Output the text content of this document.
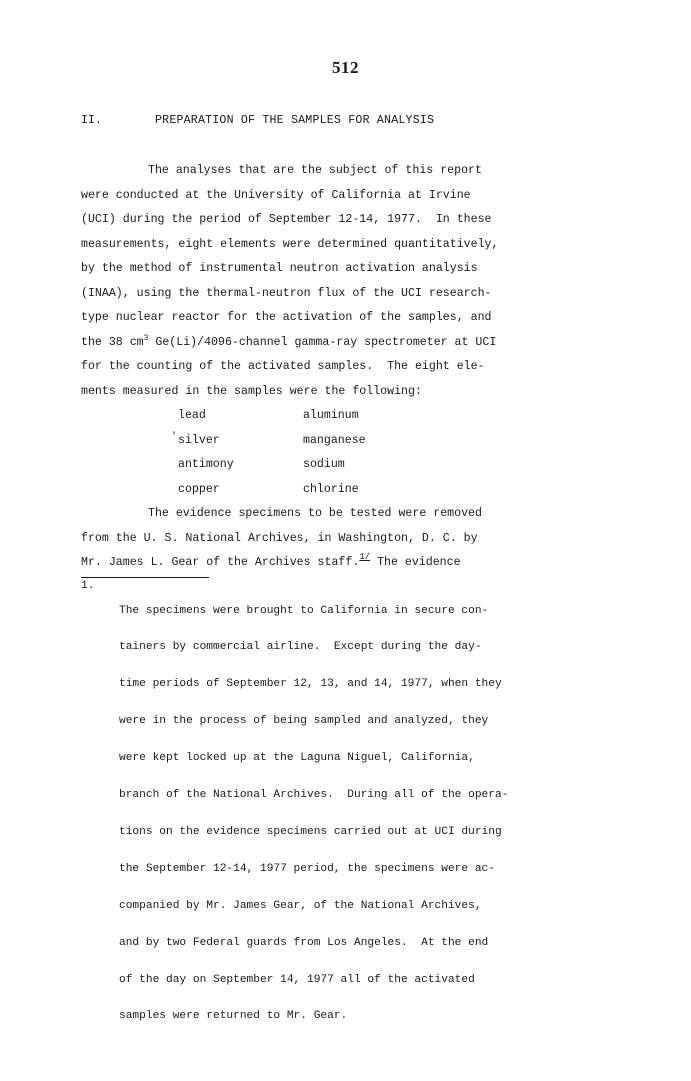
512
II.	PREPARATION OF THE SAMPLES FOR ANALYSIS
The analyses that are the subject of this report
were conducted at the University of California at Irvine
(UCI) during the period of September 12-14, 1977.  In these
measurements, eight elements were determined quantitatively,
by the method of instrumental neutron activation analysis
(INAA), using the thermal-neutron flux of the UCI research-
type nuclear reactor for the activation of the samples, and
the 38 $cm^3$ Ge(Li)/4096-channel gamma-ray spectrometer at UCI
for the counting of the activated samples.  The eight ele-
ments measured in the samples were the following:
'
lead	aluminum
silver	manganese
antimony	sodium
copper	chlorine
The evidence specimens to be tested were removed
from the U. S. National Archives, in Washington, D. C. by
Mr. James L. Gear of the Archives staff.$^{1/}$ The evidence
1.

The specimens were brought to California in secure con-

tainers by commercial airline.  Except during the day-

time periods of September 12, 13, and 14, 1977, when they

were in the process of being sampled and analyzed, they

were kept locked up at the Laguna Niguel, California,

branch of the National Archives.  During all of the opera-

tions on the evidence specimens carried out at UCI during

the September 12-14, 1977 period, the specimens were ac-

companied by Mr. James Gear, of the National Archives,

and by two Federal guards from Los Angeles.  At the end

of the day on September 14, 1977 all of the activated

samples were returned to Mr. Gear.
